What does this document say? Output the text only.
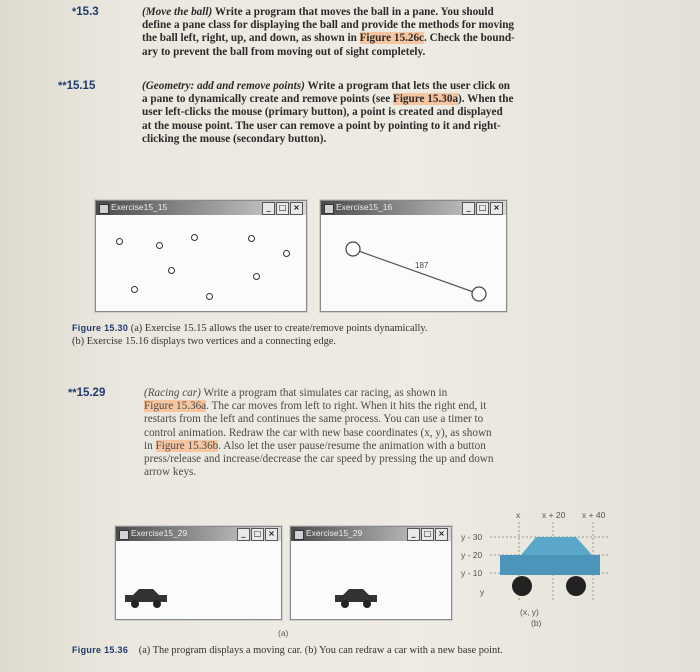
*15.3	(Move the ball) Write a program that moves the ball in a pane. You should
define a pane class for displaying the ball and provide the methods for moving
the ball left, right, up, and down, as shown in Figure 15.26c. Check the bound-
ary to prevent the ball from moving out of sight completely.
**15.15	(Geometry: add and remove points) Write a program that lets the user click on
a pane to dynamically create and remove points (see Figure 15.30a). When the
user left-clicks the mouse (primary button), a point is created and displayed
at the mouse point. The user can remove a point by pointing to it and right-
clicking the mouse (secondary button).
Exercise15_15	_	□ ×	Exercise15_16	_	□ ×
187
Figure 15.30 (a) Exercise 15.15 allows the user to create/remove points dynamically.
(b) Exercise 15.16 displays two vertices and a connecting edge.
**15.29	(Racing car) Write a program that simulates car racing, as shown in
Figure 15.36a. The car moves from left to right. When it hits the right end, it
restarts from the left and continues the same process. You can use a timer to
control animation. Redraw the car with new base coordinates (x, y), as shown
in Figure 15.36b. Also let the user pause/resume the animation with a button
press/release and increase/decrease the car speed by pressing the up and down
arrow keys.
Exercise15_29	_	□ ×	Exercise15_29	_	□ ×
x	x + 20 x + 40
y - 30
y - 20
y - 10
y
(x, y)
(b)
(a)
Figure 15.36 (a) The program displays a moving car. (b) You can redraw a car with a new base point.
